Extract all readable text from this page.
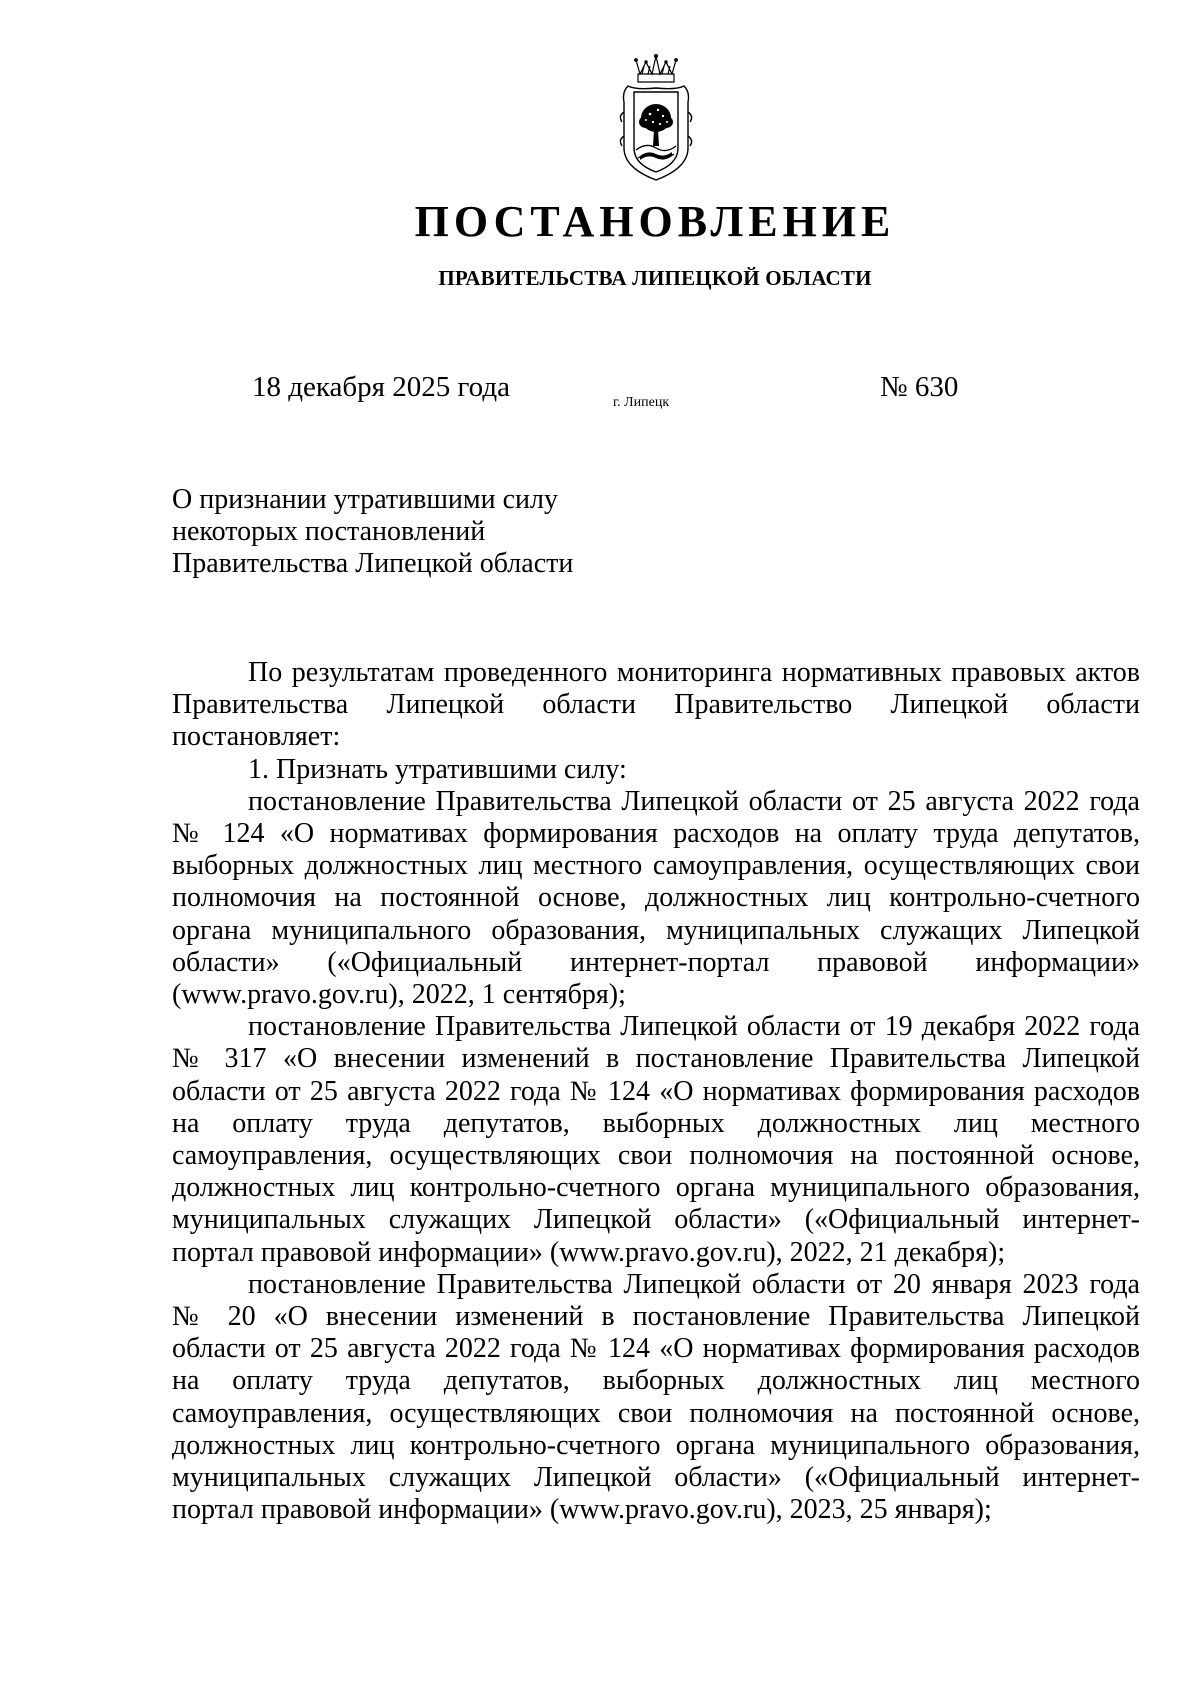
ПОСТАНОВЛЕНИЕ
ПРАВИТЕЛЬСТВА ЛИПЕЦКОЙ ОБЛАСТИ
18 декабря 2025 года	г. Липецк	№ 630
О признании утратившими силу
некоторых постановлений
Правительства Липецкой области

По результатам проведенного мониторинга нормативных правовых актов Правительства Липецкой области Правительство Липецкой области постановляет:

1. Признать утратившими силу:

постановление Правительства Липецкой области от 25 августа 2022 года № 124 «О нормативах формирования расходов на оплату труда депутатов, выборных должностных лиц местного самоуправления, осуществляющих свои полномочия на постоянной основе, должностных лиц контрольно-счетного органа муниципального образования, муниципальных служащих Липецкой области» («Официальный интернет-портал правовой информации» (www.pravo.gov.ru), 2022, 1 сентября);

постановление Правительства Липецкой области от 19 декабря 2022 года № 317 «О внесении изменений в постановление Правительства Липецкой области от 25 августа 2022 года № 124 «О нормативах формирования расходов на оплату труда депутатов, выборных должностных лиц местного самоуправления, осуществляющих свои полномочия на постоянной основе, должностных лиц контрольно-счетного органа муниципального образования, муниципальных служащих Липецкой области» («Официальный интернет-портал правовой информации» (www.pravo.gov.ru), 2022, 21 декабря);

постановление Правительства Липецкой области от 20 января 2023 года № 20 «О внесении изменений в постановление Правительства Липецкой области от 25 августа 2022 года № 124 «О нормативах формирования расходов на оплату труда депутатов, выборных должностных лиц местного самоуправления, осуществляющих свои полномочия на постоянной основе, должностных лиц контрольно-счетного органа муниципального образования, муниципальных служащих Липецкой области» («Официальный интернет-портал правовой информации» (www.pravo.gov.ru), 2023, 25 января);
